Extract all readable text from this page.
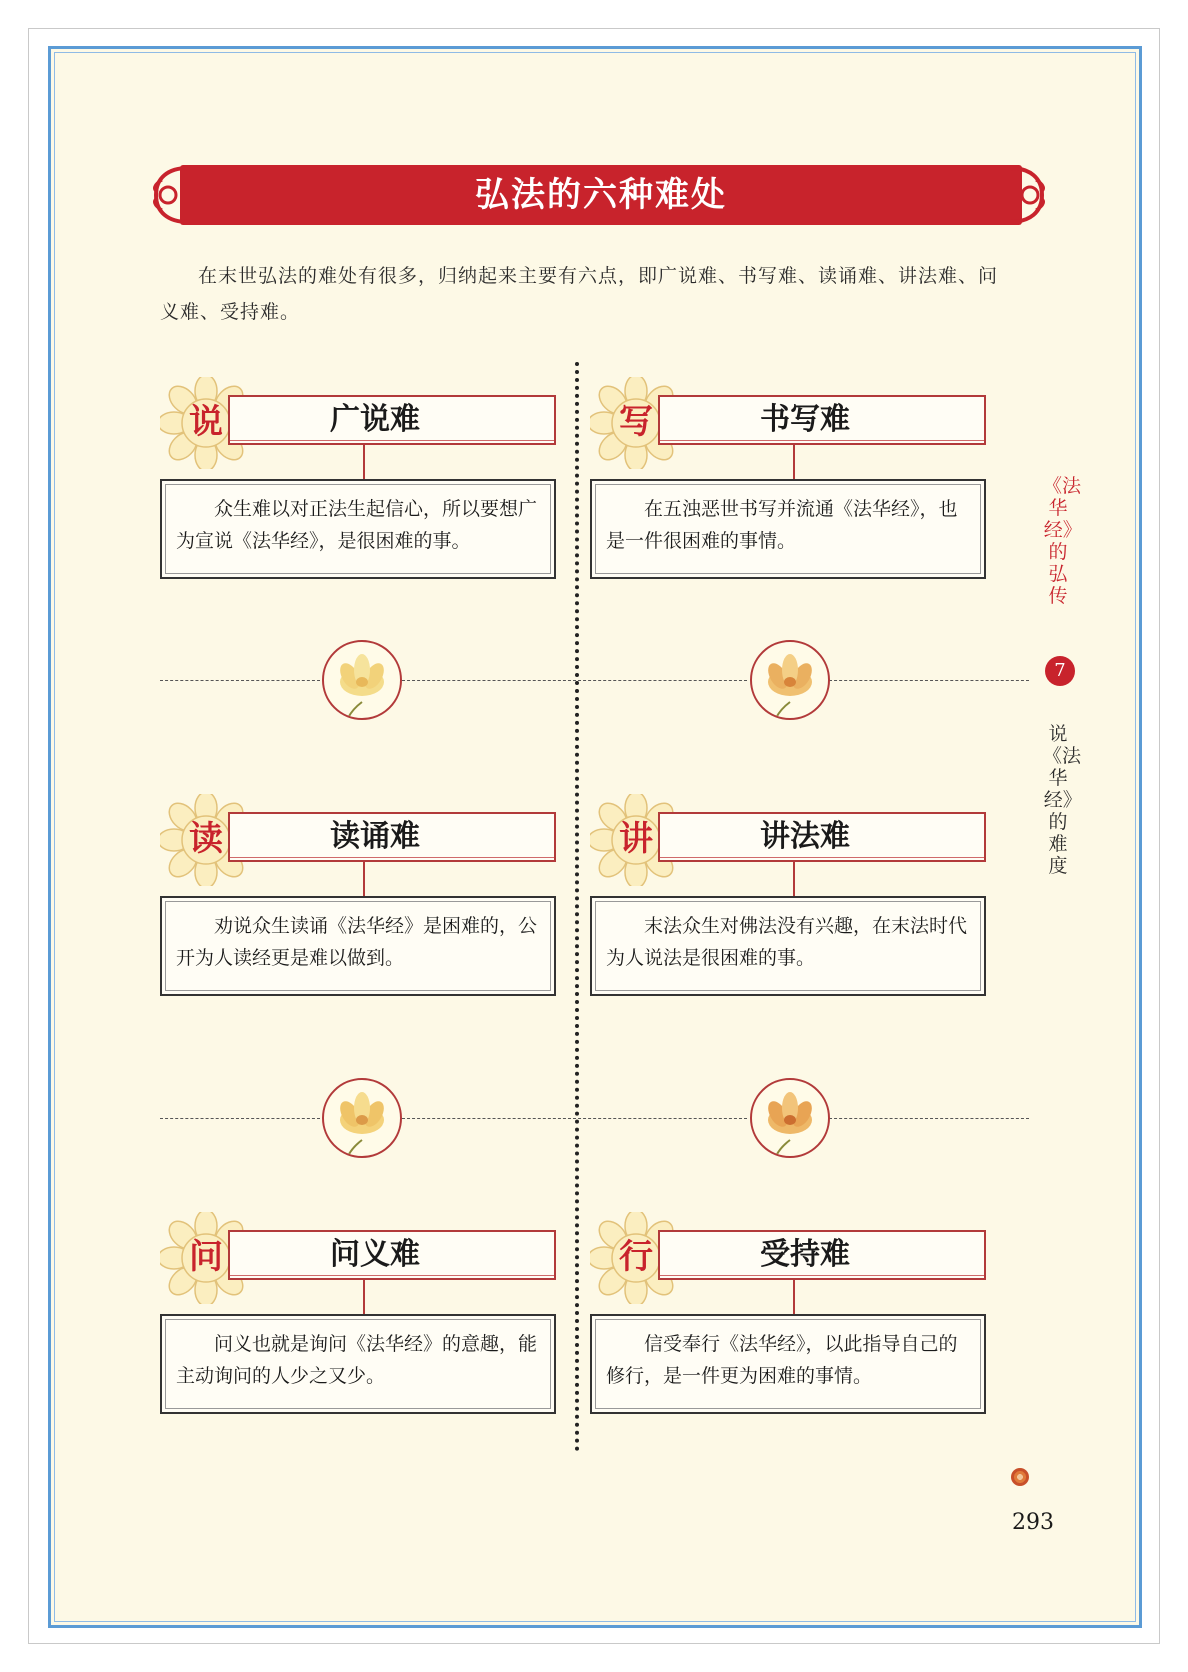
弘法的六种难处
在末世弘法的难处有很多，归纳起来主要有六点，即广说难、书写难、读诵难、讲法难、问义难、受持难。
说	广说难
众生难以对正法生起信心，所以要想广为宣说《法华经》，是很困难的事。
写	书写难
在五浊恶世书写并流通《法华经》，也是一件很困难的事情。
读	读诵难
劝说众生读诵《法华经》是困难的，公开为人读经更是难以做到。
讲	讲法难
末法众生对佛法没有兴趣，在末法时代为人说法是很困难的事。
问	问义难
问义也就是询问《法华经》的意趣，能主动询问的人少之又少。
行	受持难
信受奉行《法华经》，以此指导自己的修行，是一件更为困难的事情。
《法华经》的弘传
7
说《法华经》的难度
293
